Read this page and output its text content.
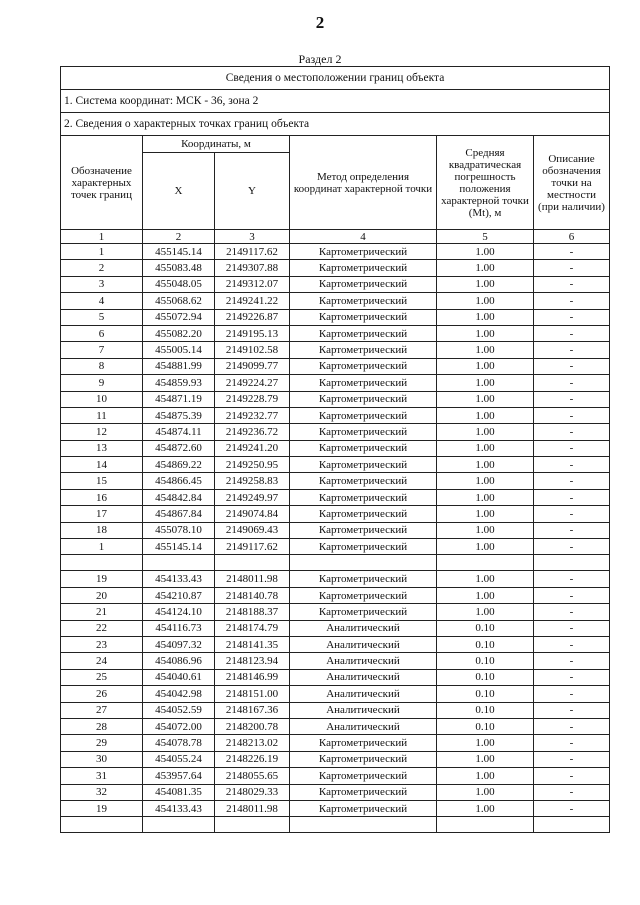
2
Раздел 2
Сведения о местоположении границ объекта					
1. Система координат: МСК - 36, зона 2					
2. Сведения о характерных точках границ объекта					
Обозначение характерных точек границ	Координаты, м		Метод определения координат характерной точки	Средняя квадратическая погрешность положения характерной точки (Mt), м	Описание обозначения точки на местности (при наличии)
	X	Y			
1	2	3	4	5	6
1	455145.14	2149117.62	Картометрический	1.00	-
2	455083.48	2149307.88	Картометрический	1.00	-
3	455048.05	2149312.07	Картометрический	1.00	-
4	455068.62	2149241.22	Картометрический	1.00	-
5	455072.94	2149226.87	Картометрический	1.00	-
6	455082.20	2149195.13	Картометрический	1.00	-
7	455005.14	2149102.58	Картометрический	1.00	-
8	454881.99	2149099.77	Картометрический	1.00	-
9	454859.93	2149224.27	Картометрический	1.00	-
10	454871.19	2149228.79	Картометрический	1.00	-
11	454875.39	2149232.77	Картометрический	1.00	-
12	454874.11	2149236.72	Картометрический	1.00	-
13	454872.60	2149241.20	Картометрический	1.00	-
14	454869.22	2149250.95	Картометрический	1.00	-
15	454866.45	2149258.83	Картометрический	1.00	-
16	454842.84	2149249.97	Картометрический	1.00	-
17	454867.84	2149074.84	Картометрический	1.00	-
18	455078.10	2149069.43	Картометрический	1.00	-
1	455145.14	2149117.62	Картометрический	1.00	-

19	454133.43	2148011.98	Картометрический	1.00	-
20	454210.87	2148140.78	Картометрический	1.00	-
21	454124.10	2148188.37	Картометрический	1.00	-
22	454116.73	2148174.79	Аналитический	0.10	-
23	454097.32	2148141.35	Аналитический	0.10	-
24	454086.96	2148123.94	Аналитический	0.10	-
25	454040.61	2148146.99	Аналитический	0.10	-
26	454042.98	2148151.00	Аналитический	0.10	-
27	454052.59	2148167.36	Аналитический	0.10	-
28	454072.00	2148200.78	Аналитический	0.10	-
29	454078.78	2148213.02	Картометрический	1.00	-
30	454055.24	2148226.19	Картометрический	1.00	-
31	453957.64	2148055.65	Картометрический	1.00	-
32	454081.35	2148029.33	Картометрический	1.00	-
19	454133.43	2148011.98	Картометрический	1.00	-
